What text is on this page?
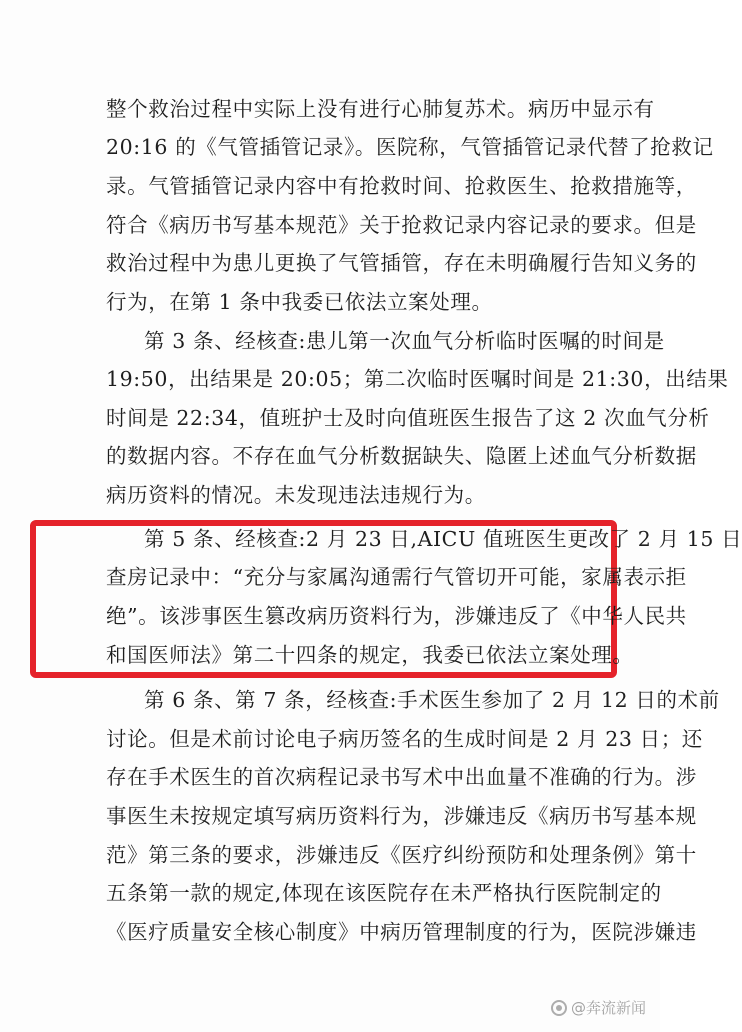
整个救治过程中实际上没有进行心肺复苏术。病历中显示有
20:16 的《气管插管记录》。医院称，气管插管记录代替了抢救记
录。气管插管记录内容中有抢救时间、抢救医生、抢救措施等，
符合《病历书写基本规范》关于抢救记录内容记录的要求。但是
救治过程中为患儿更换了气管插管，存在未明确履行告知义务的
行为，在第 1 条中我委已依法立案处理。
第 3 条、经核查:患儿第一次血气分析临时医嘱的时间是
19:50，出结果是 20:05；第二次临时医嘱时间是 21:30，出结果
时间是 22:34，值班护士及时向值班医生报告了这 2 次血气分析
的数据内容。不存在血气分析数据缺失、隐匿上述血气分析数据
病历资料的情况。未发现违法违规行为。
第 5 条、经核查:2 月 23 日,AICU 值班医生更改了 2 月 15 日
查房记录中：“充分与家属沟通需行气管切开可能，家属表示拒
绝”。该涉事医生篡改病历资料行为，涉嫌违反了《中华人民共
和国医师法》第二十四条的规定，我委已依法立案处理。
第 6 条、第 7 条，经核查:手术医生参加了 2 月 12 日的术前
讨论。但是术前讨论电子病历签名的生成时间是 2 月 23 日；还
存在手术医生的首次病程记录书写术中出血量不准确的行为。涉
事医生未按规定填写病历资料行为，涉嫌违反《病历书写基本规
范》第三条的要求，涉嫌违反《医疗纠纷预防和处理条例》第十
五条第一款的规定,体现在该医院存在未严格执行医院制定的
《医疗质量安全核心制度》中病历管理制度的行为，医院涉嫌违
@奔流新闻
